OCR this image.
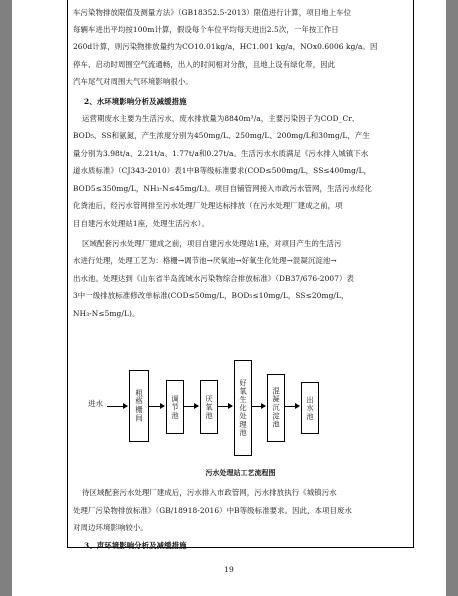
车污染物排放限值及测量方法》（GB18352.5-2013）限值进行计算，项目地上车位
每辆车进出平均按100m计算，假设每个车位平均每天进出2.5次，一年按工作日
260d计算，则污染物排放量约为CO10.01kg/a，HC1.001 kg/a，NOx0.6006 kg/a。因
停车、启动时周围空气流通畅，出入的时间相对分散，且地上设有绿化带，因此
汽车尾气对周围大气环境影响很小。
2、水环境影响分析及减缓措施
运营期废水主要为生活污水，废水排放量为8840m³/a，主要污染因子为COD_Cr、
BOD₅、SS和氨氮，产生浓度分别为450mg/L、250mg/L、200mg/L和30mg/L，产生
量分别为3.98t/a、2.21t/a、1.77t/a和0.27t/a。生活污水水质满足《污水排入城镇下水
道水质标准》（CJ343-2010）表1中B等级标准要求(COD≤500mg/L，SS≤400mg/L，
BOD5≤350mg/L，NH₃-N≤45mg/L)。项目自铺管网接入市政污水管网，生活污水经化
化粪池后，经污水管网排至污水处理厂处理达标排放（在污水处理厂建成之前，项
目自建污水处理站1座，处理生活污水）。
区域配套污水处理厂建成之前，项目自建污水处理站1座，对项目产生的生活污
水进行处理，处理工艺为：格栅→调节池→厌氧池→好氧生化处理→混凝沉淀池→
出水池。处理达到《山东省半岛流域水污染物综合排放标准》（DB37/676-2007）表
3中一级排放标准修改单标准(COD≤50mg/L，BOD₅≤10mg/L，SS≤20mg/L，
NH₃-N≤5mg/L)。
进水	粗格栅间	调节池	厌氧池	好氧生化处理池	混凝沉淀池	出水池
污水处理站工艺流程图
待区域配套污水处理厂建成后，污水排入市政管网，污水排放执行《城镇污水
处理厂污染物排放标准》（GB/18918-2016）中B等级标准要求。因此，本项目废水
对周边环境影响较小。
3、声环境影响分析及减缓措施
19
